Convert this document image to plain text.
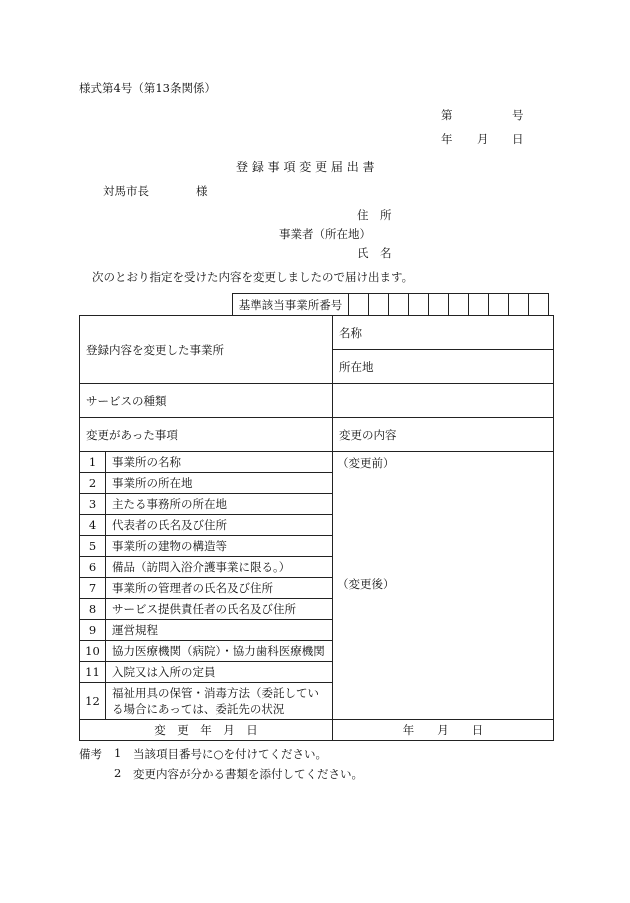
様式第4号（第13条関係）
第	号
年 月 日
登 録 事 項 変 更 届 出 書
対馬市長	様
住　所
事業者（所在地）
氏　名
次のとおり指定を受けた内容を変更しましたので届け出ます。
基準該当事業所番号										
登録内容を変更した事業所		名称
		所在地
サービスの種類		
変更があった事項		変更の内容
1	事業所の名称	（変更前）
（変更後）

2	事業所の所在地	
3	主たる事務所の所在地	
4	代表者の氏名及び住所	
5	事業所の建物の構造等	
6	備品（訪問入浴介護事業に限る。）	
7	事業所の管理者の氏名及び住所	
8	サービス提供責任者の氏名及び住所	
9	運営規程	
10	協力医療機関（病院）・協力歯科医療機関	
11	入院又は入所の定員	
12	福祉用具の保管・消毒方法（委託している場合にあっては、委託先の状況	
変　更　年　月　日		年　　月　　日
備考 1 当該項目番号に○を付けてください。
2 変更内容が分かる書類を添付してください。
